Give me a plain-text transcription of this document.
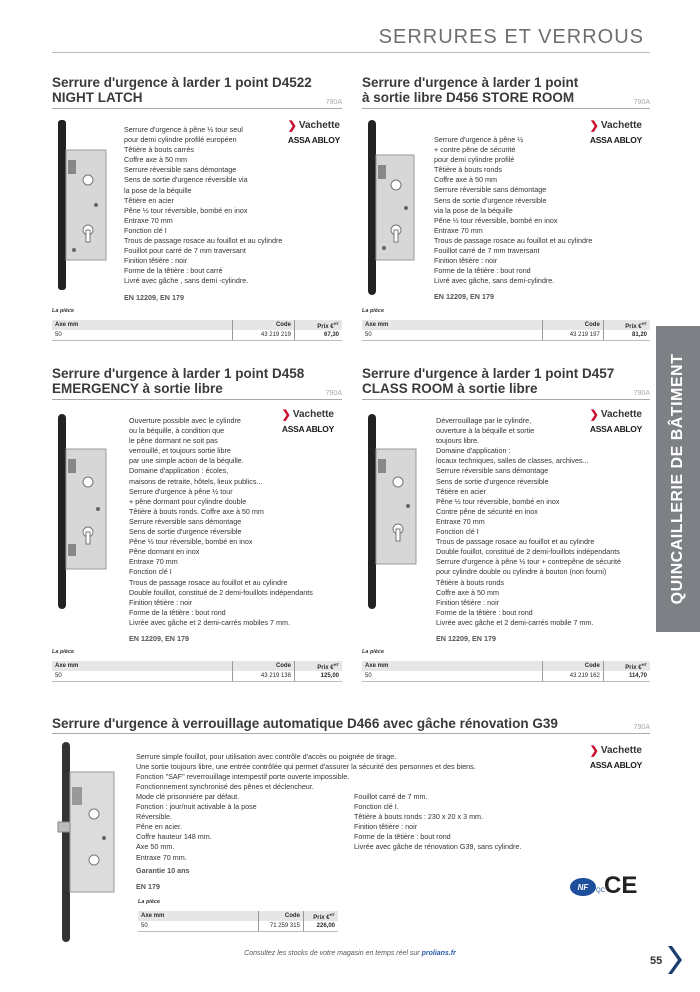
SERRURES ET VERROUS
QUINCAILLERIE DE BÂTIMENT
Serrure d'urgence à larder 1 point D4522
NIGHT LATCH	790A
Serrure d'urgence à pêne ½ tour seul
pour demi cylindre profilé européen
Têtière à bouts carrés
Coffre axe à 50 mm
Serrure réversible sans démontage
Sens de sortie d'urgence réversible via
la pose de la béquille
Têtière en acier
Pêne ½ tour réversible, bombé en inox
Entraxe 70 mm
Fonction clé I
Trous de passage rosace au fouillot et au cylindre
Fouillot pour carré de 7 mm traversant
Finition têtière : noir
Forme de la têtière : bout carré
Livré avec gâche , sans demi -cylindre.
EN 12209, EN 179
❯ Vachette
ASSA ABLOY
La pièce
Axe mm	Code	Prix €$^{HT}$
50	43 219 219	67,30
Serrure d'urgence à larder 1 point
à sortie libre D456 STORE ROOM	790A
Serrure d'urgence à pêne ½
+ contre pêne de sécurité
pour demi cylindre profilé
Têtière à bouts ronds
Coffre axe à 50 mm
Serrure réversible sans démontage
Sens de sortie d'urgence réversible
via la pose de la béquille
Pêne ½ tour réversible, bombé en inox
Entraxe 70 mm
Trous de passage rosace au fouillot et au cylindre
Fouillot carré de 7 mm traversant
Finition têtière : noir
Forme de la têtière : bout rond
Livré avec gâche, sans demi-cylindre.
EN 12209, EN 179
❯ Vachette
ASSA ABLOY
La pièce
Axe mm	Code	Prix €$^{HT}$
50	43 219 197	81,20
Serrure d'urgence à larder 1 point D458
EMERGENCY à sortie libre	790A
Ouverture possible avec le cylindre
ou la béquille, à condition que
le pêne dormant ne soit pas
verrouillé, et toujours sortie libre
par une simple action de la béquille.
Domaine d'application : écoles,
maisons de retraite, hôtels, lieux publics...
Serrure d'urgence à pêne ½ tour
+ pêne dormant pour cylindre double
Têtière à bouts ronds. Coffre axe à 50 mm
Serrure réversible sans démontage
Sens de sortie d'urgence réversible
Pêne ½ tour réversible, bombé en inox
Pêne dormant en inox
Entraxe 70 mm
Fonction clé I
Trous de passage rosace au fouillot et au cylindre
Double fouillot, constitué de 2 demi-fouillots indépendants
Finition têtière : noir
Forme de la têtière : bout rond
Livrée avec gâche et 2 demi-carrés mobiles 7 mm.
EN 12209, EN 179
❯ Vachette
ASSA ABLOY
La pièce
Axe mm	Code	Prix €$^{HT}$
50	43 219 138	125,00
Serrure d'urgence à larder 1 point D457
CLASS ROOM à sortie libre	790A
Déverrouillage par le cylindre,
ouverture à la béquille et sortie
toujours libre.
Domaine d'application :
locaux techniques, salles de classes, archives...
Serrure réversible sans démontage
Sens de sortie d'urgence réversible
Têtière en acier
Pêne ½ tour réversible, bombé en inox
Contre pêne de sécurité en inox
Entraxe 70 mm
Fonction clé I
Trous de passage rosace au fouillot et au cylindre
Double fouillot, constitué de 2 demi-fouillots indépendants
Serrure d'urgence à pêne ½ tour + contrepêne de sécurité
pour cylindre double ou cylindre à bouton (non fourni)
Têtière à bouts ronds
Coffre axe à 50 mm
Finition têtière : noir
Forme de la têtière : bout rond
Livrée avec gâche et 2 demi-carrés mobile 7 mm.
EN 12209, EN 179
❯ Vachette
ASSA ABLOY
La pièce
Axe mm	Code	Prix €$^{HT}$
50	43 219 162	114,70
Serrure d'urgence à verrouillage automatique D466 avec gâche rénovation G39	790A
Serrure simple fouillot, pour utilisation avec contrôle d'accès ou poignée de tirage.
Une sortie toujours libre, une entrée contrôlée qui permet d'assurer la sécurité des personnes et des biens.
Fonction "SAF" reverrouillage intempestif porte ouverte impossible.
Fonctionnement synchronisé des pênes et déclencheur.
Mode clé prisonnière par défaut.
Fonction : jour/nuit activable à la pose
Réversible.
Pêne en acier.
Coffre hauteur 148 mm.
Axe 50 mm.
Entraxe 70 mm.
Garantie 10 ans
EN 179
Fouillot carré de 7 mm.
Fonction clé I.
Têtière à bouts ronds : 230 x 20 x 3 mm.
Finition têtière : noir
Forme de la têtière : bout rond
Livrée avec gâche de rénovation G39, sans cylindre.
❯ Vachette
ASSA ABLOY
NF	QC CE
La pièce
Axe mm	Code	Prix €$^{HT}$
50	71 259 315	226,00
Consultez les stocks de votre magasin en temps réel sur prolians.fr
55
